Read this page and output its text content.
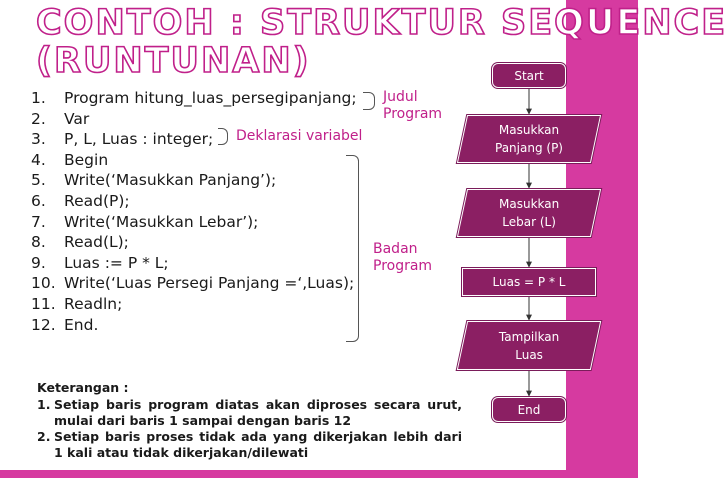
CONTOH : STRUKTUR SEQUENCE
(RUNTUNAN)
1. Program hitung_luas_persegipanjang;
2. Var
3. P, L, Luas : integer;
4. Begin
5. Write(‘Masukkan Panjang’);
6. Read(P);
7. Write(‘Masukkan Lebar’);
8. Read(L);
9. Luas := P * L;
10. Write(‘Luas Persegi Panjang =‘,Luas);
11. Readln;
12. End.
Judul
Program
Deklarasi variabel
Badan
Program
Keterangan :
1. Setiap baris program diatas akan diproses secara urut, mulai dari baris 1 sampai dengan baris 12
2. Setiap baris proses tidak ada yang dikerjakan lebih dari 1 kali atau tidak dikerjakan/dilewati
Start
Masukkan
Panjang (P)
Masukkan
Lebar (L)
Luas = P * L
Tampilkan
Luas
End
